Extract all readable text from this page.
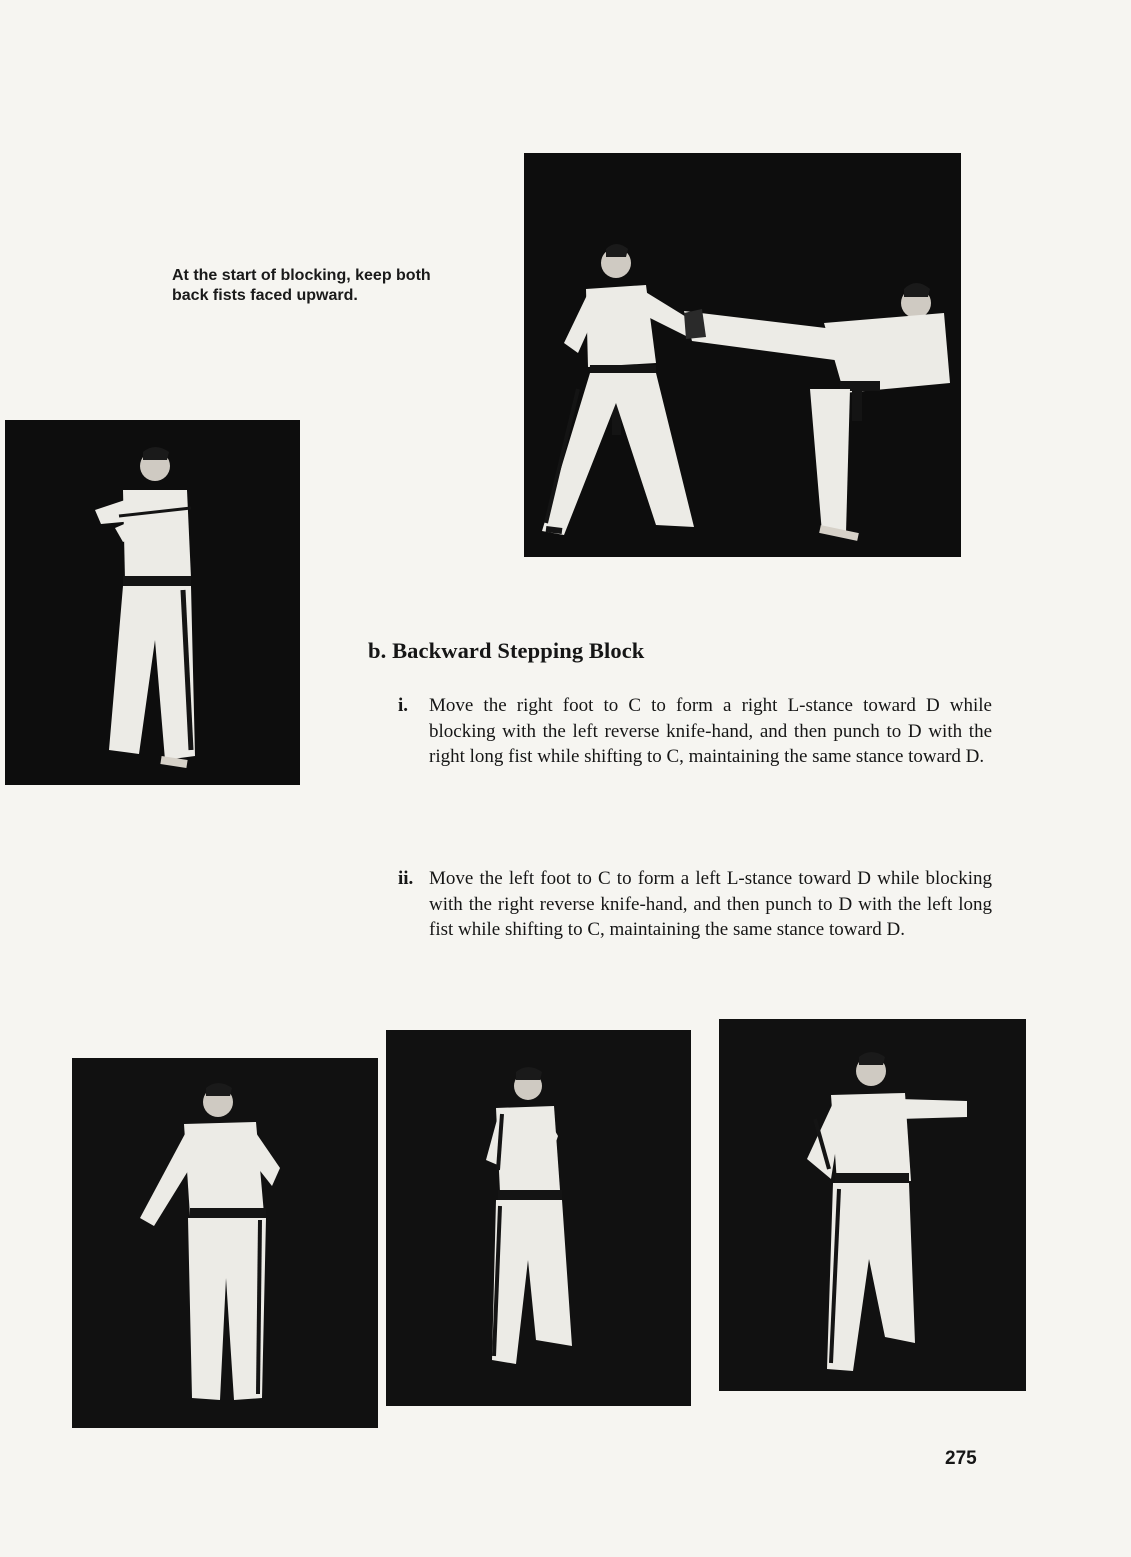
At the start of blocking, keep both
back fists faced upward.
b. Backward Stepping Block
i. Move the right foot to C to form a right L-stance toward D while blocking with the left reverse knife-hand, and then punch to D with the right long fist while shifting to C, maintaining the same stance toward D.
ii. Move the left foot to C to form a left L-stance toward D while blocking with the right reverse knife-hand, and then punch to D with the left long fist while shifting to C, maintaining the same stance toward D.
275
